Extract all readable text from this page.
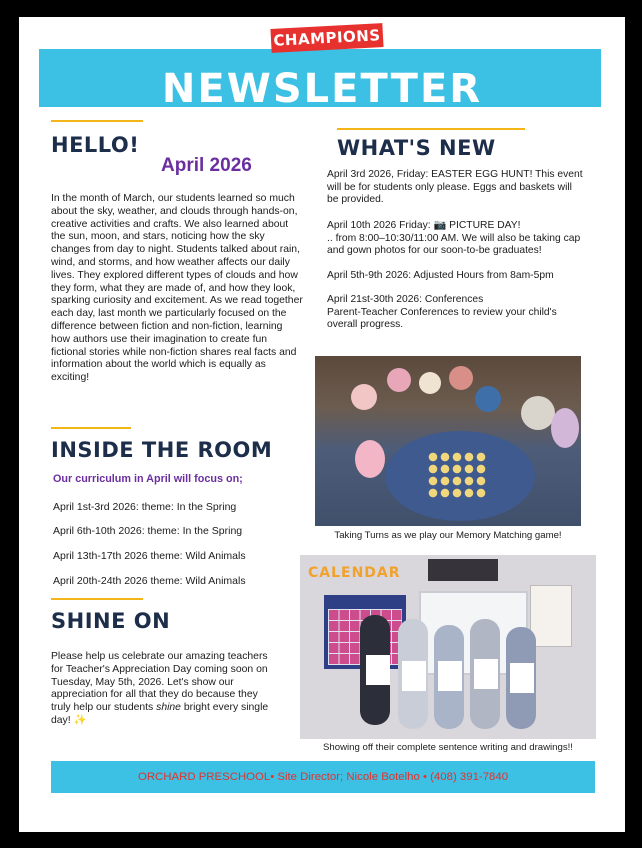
NEWSLETTER
CHAMPIONS
HELLO!
April 2026
In the month of March, our students learned so much about the sky, weather, and clouds through hands-on, creative activities and crafts. We also learned about the sun, moon, and stars, noticing how the sky changes from day to night. Students talked about rain, wind, and storms, and how weather affects our daily lives. They explored different types of clouds and how they form, what they are made of, and how they look, sparking curiosity and excitement. As we read together each day, last month we particularly focused on the difference between fiction and non-fiction, learning how authors use their imagination to create fun fictional stories while non-fiction shares real facts and information about the world which is equally as exciting!
INSIDE THE ROOM
Our curriculum in April will focus on;
April 1st-3rd 2026: theme: In the Spring
April 6th-10th 2026: theme: In the Spring
April 13th-17th 2026 theme: Wild Animals
April 20th-24th 2026 theme: Wild Animals
SHINE ON
Please help us celebrate our amazing teachers for Teacher's Appreciation Day coming soon on Tuesday, May 5th, 2026. Let's show our appreciation for all that they do because they truly help our students shine bright every single day! ✨
WHAT'S NEW
April 3rd 2026, Friday: EASTER EGG HUNT! This event will be for students only please. Eggs and baskets will be provided.
April 10th 2026 Friday: 📷 PICTURE DAY!
.. from 8:00–10:30/11:00 AM. We will also be taking cap and gown photos for our soon-to-be graduates!
April 5th-9th 2026: Adjusted Hours from 8am-5pm
April 21st-30th 2026: Conferences
Parent-Teacher Conferences to review your child's overall progress.
Taking Turns as we play our Memory Matching game!
CALENDAR
Showing off their complete sentence writing and drawings!!
ORCHARD PRESCHOOL• Site Director; Nicole Botelho • (408) 391-7840
